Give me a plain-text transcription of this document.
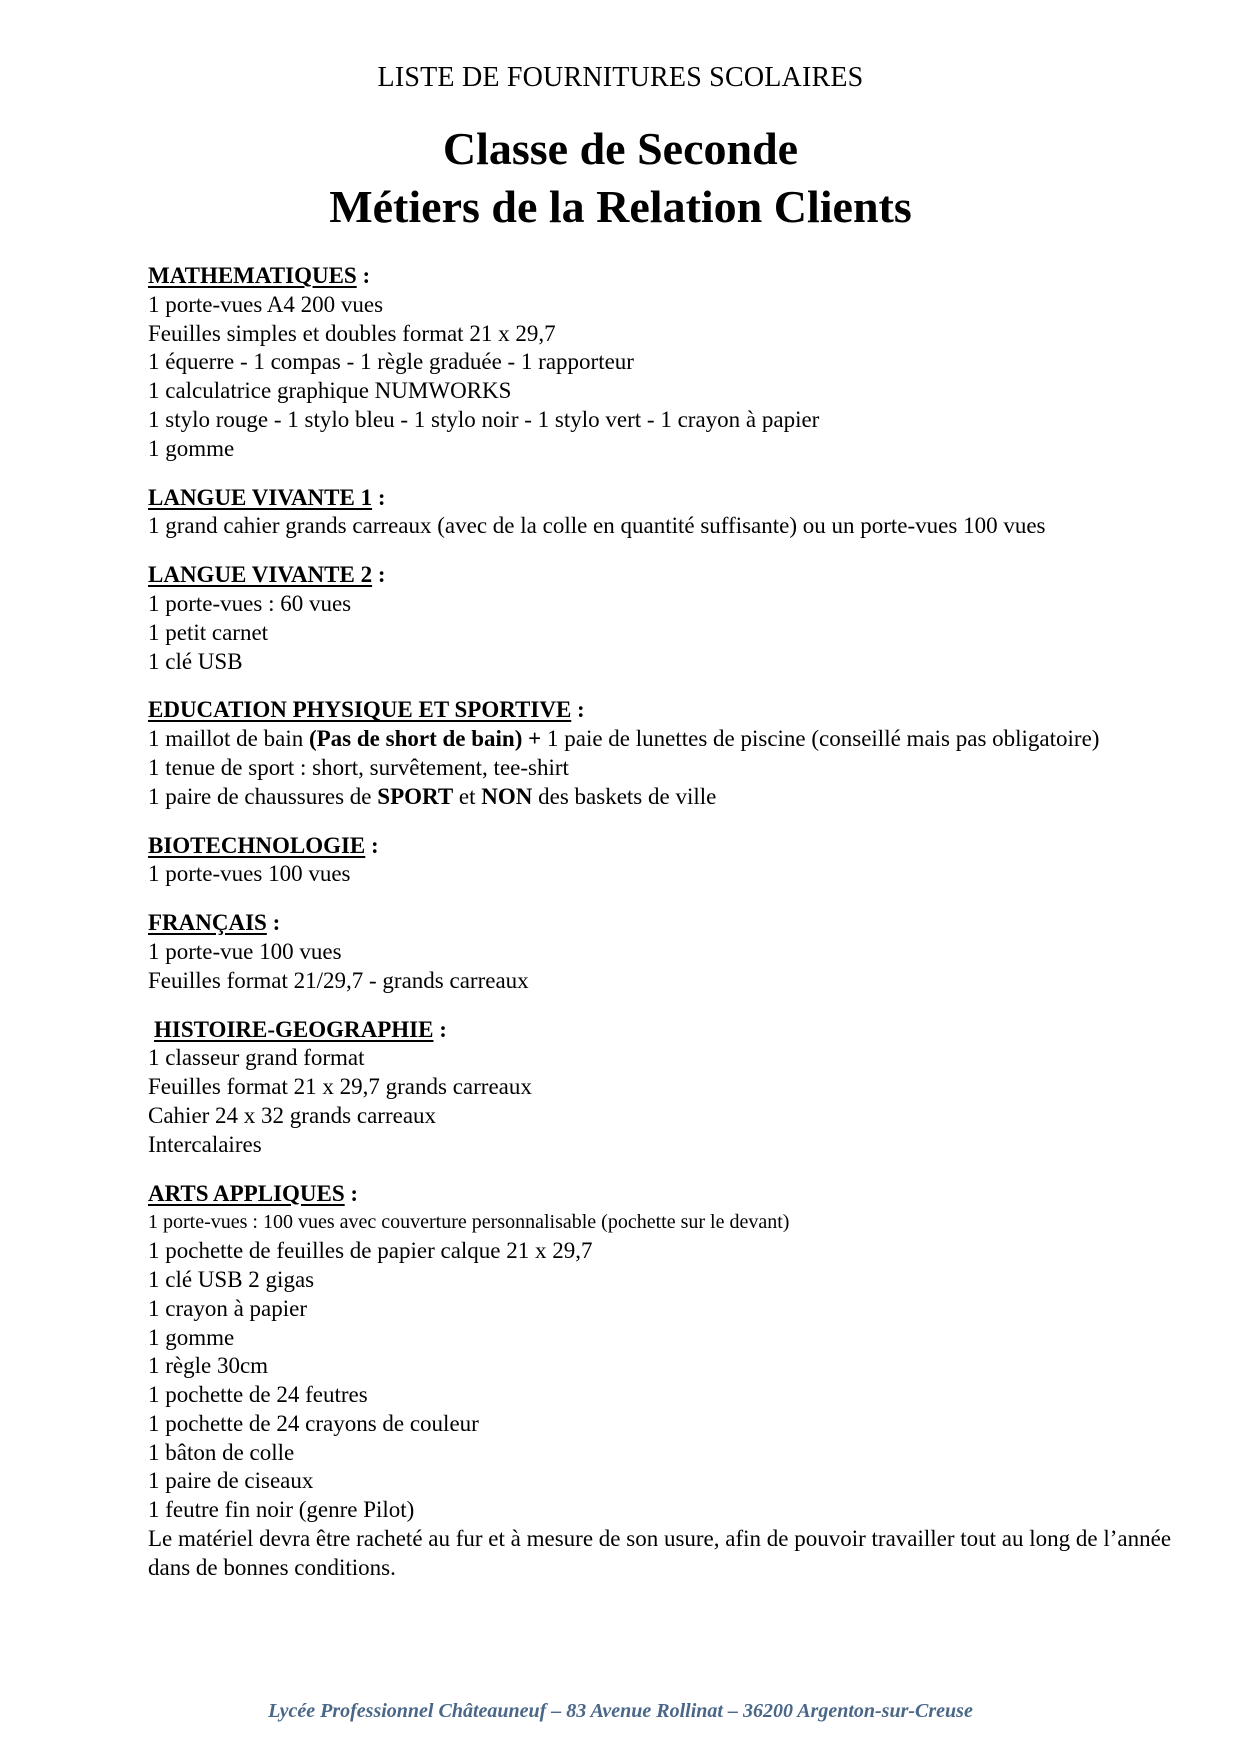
LISTE DE FOURNITURES SCOLAIRES
Classe de Seconde
Métiers de la Relation Clients

MATHEMATIQUES :

1 porte-vues A4 200 vues

Feuilles simples et doubles format 21 x 29,7

1 équerre - 1 compas - 1 règle graduée - 1 rapporteur

1 calculatrice graphique NUMWORKS

1 stylo rouge - 1 stylo bleu - 1 stylo noir - 1 stylo vert - 1 crayon à papier

1 gomme

LANGUE VIVANTE 1 :

1 grand cahier grands carreaux (avec de la colle en quantité suffisante) ou un porte-vues 100 vues

LANGUE VIVANTE 2 :

1 porte-vues : 60 vues

1 petit carnet

1 clé USB

EDUCATION PHYSIQUE ET SPORTIVE :

1 maillot de bain (Pas de short de bain) + 1 paie de lunettes de piscine (conseillé mais pas obligatoire)

1 tenue de sport : short, survêtement, tee-shirt

1 paire de chaussures de SPORT et NON des baskets de ville

BIOTECHNOLOGIE :

1 porte-vues 100 vues

FRANÇAIS :

1 porte-vue 100 vues

Feuilles format 21/29,7 - grands carreaux

HISTOIRE-GEOGRAPHIE :

1 classeur grand format

Feuilles format 21 x 29,7 grands carreaux

Cahier 24 x 32 grands carreaux

Intercalaires

ARTS APPLIQUES :

1 porte-vues : 100 vues avec couverture personnalisable (pochette sur le devant)

1 pochette de feuilles de papier calque 21 x 29,7

1 clé USB 2 gigas

1 crayon à papier

1 gomme

1 règle 30cm

1 pochette de 24 feutres

1 pochette de 24 crayons de couleur

1 bâton de colle

1 paire de ciseaux

1 feutre fin noir (genre Pilot)

Le matériel devra être racheté au fur et à mesure de son usure, afin de pouvoir travailler tout au long de l’année dans de bonnes conditions.

Lycée Professionnel Châteauneuf – 83 Avenue Rollinat – 36200 Argenton-sur-Creuse
